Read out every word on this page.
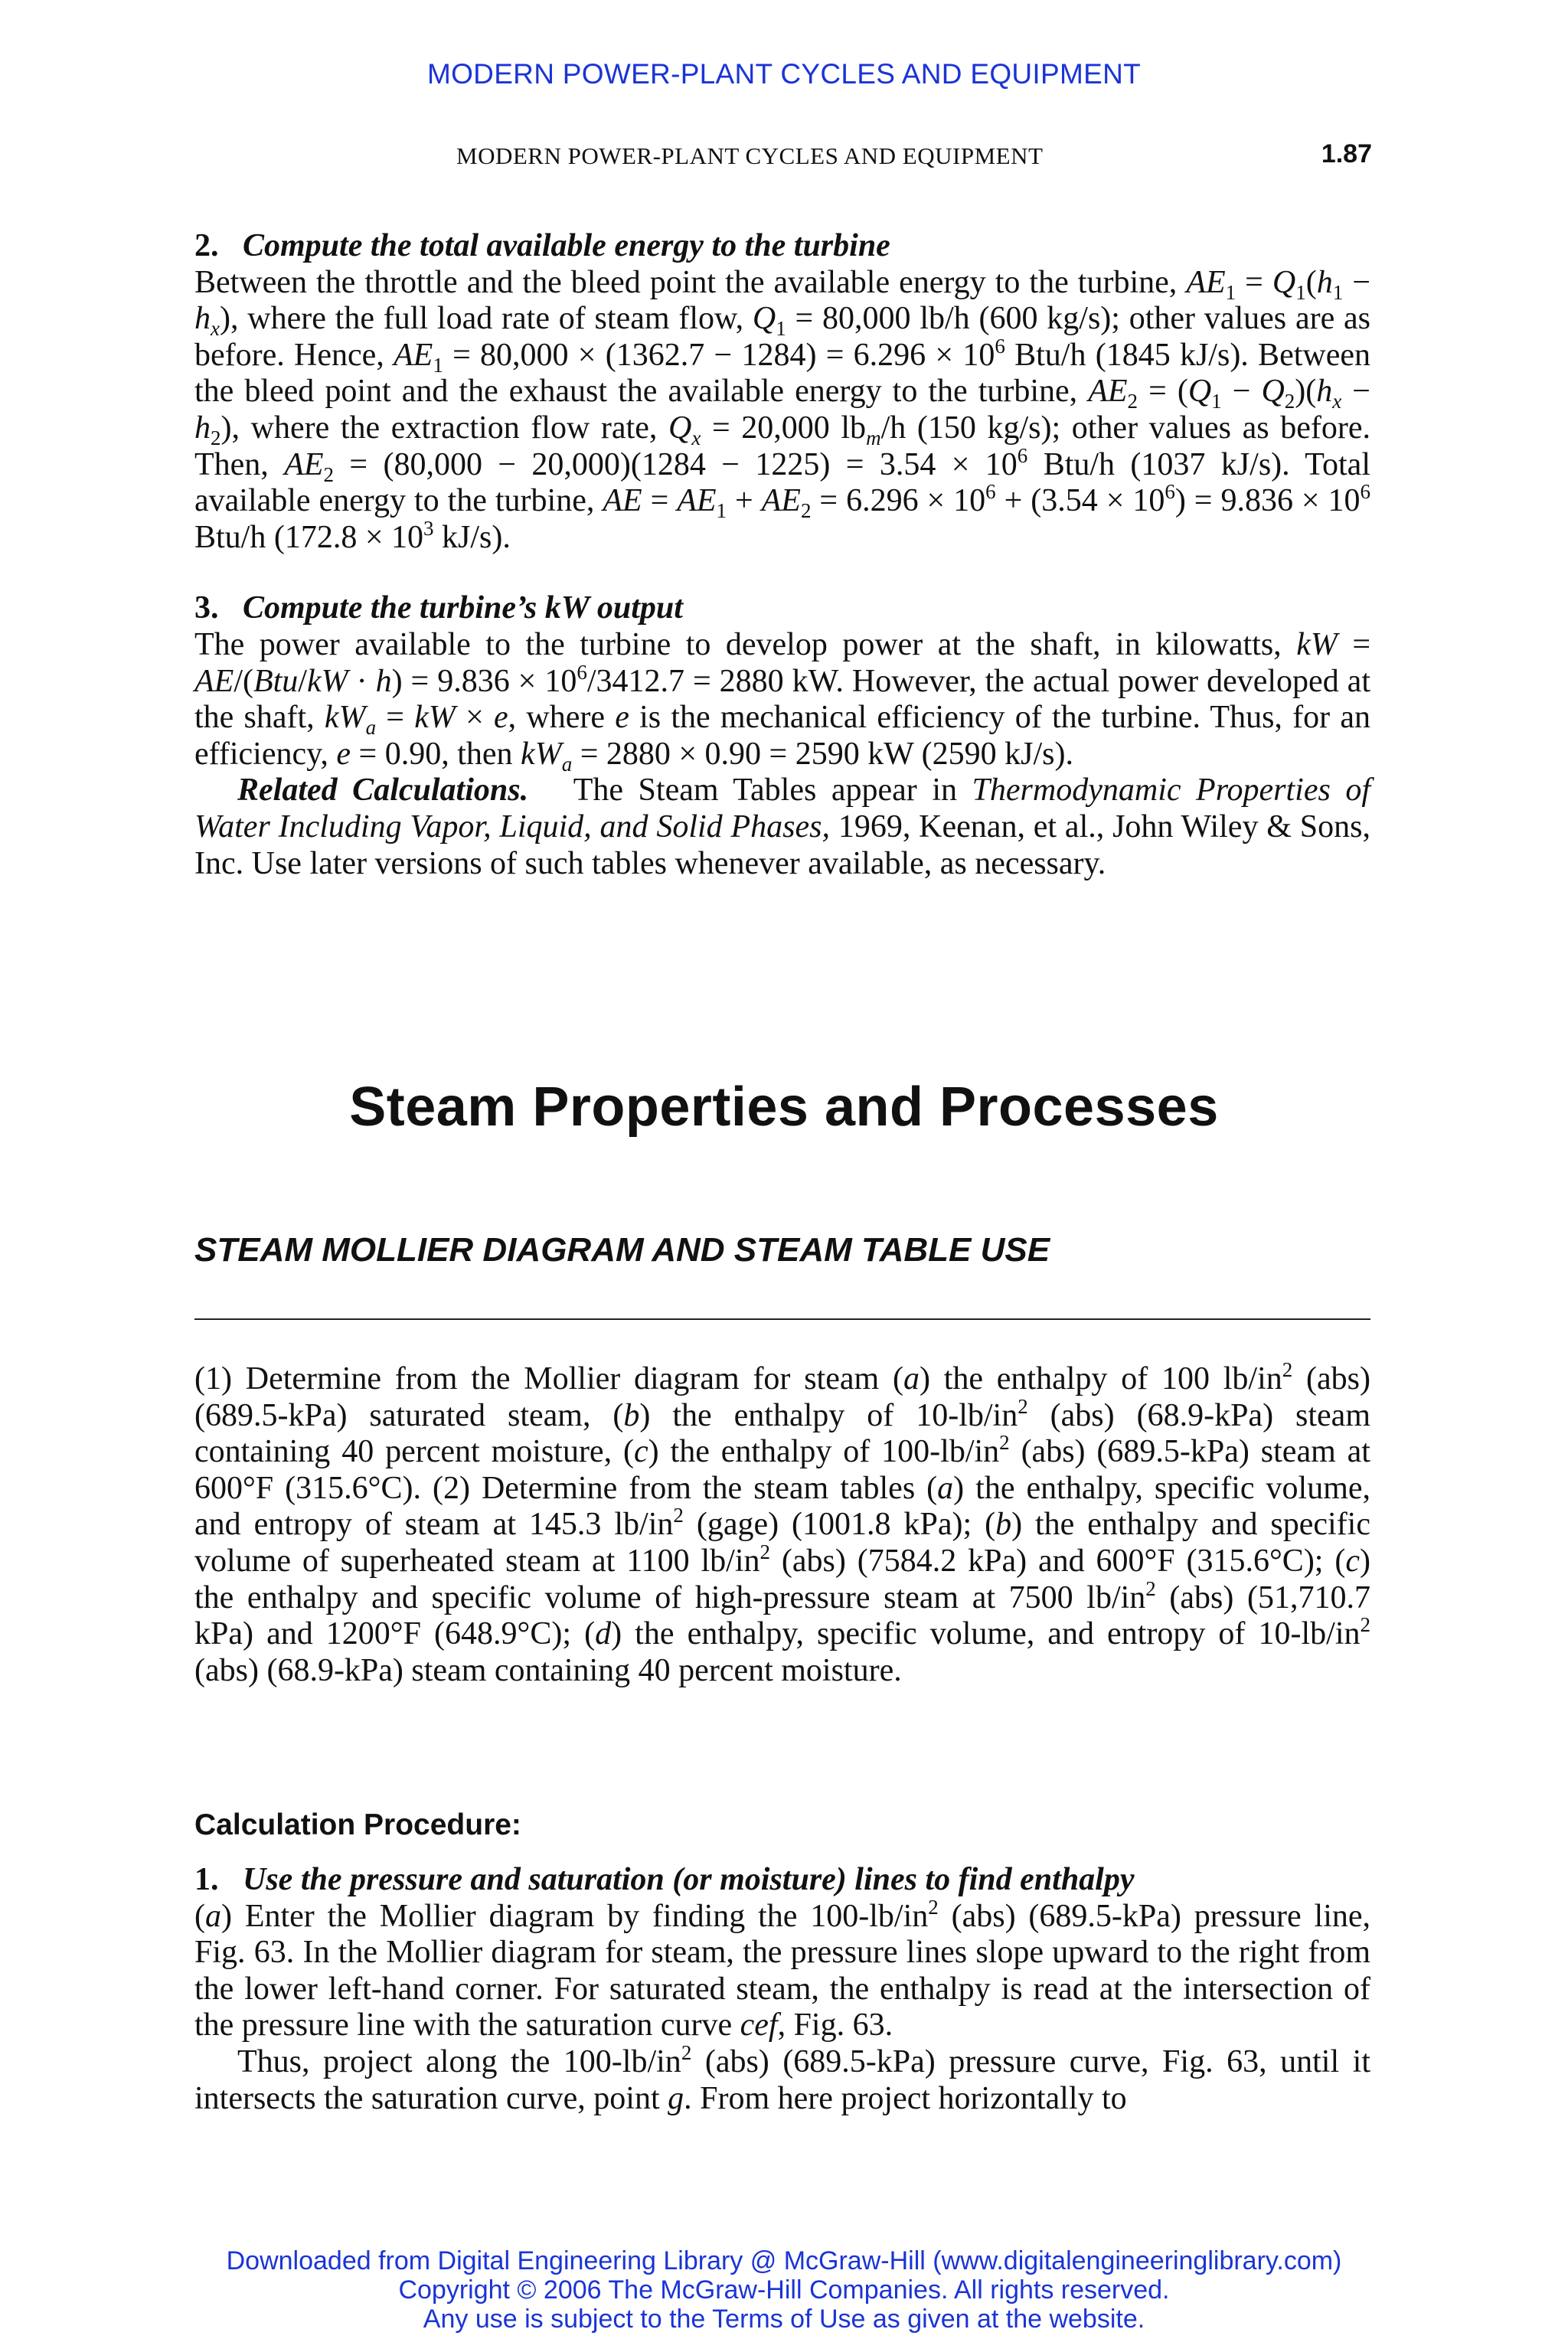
MODERN POWER-PLANT CYCLES AND EQUIPMENT
MODERN POWER-PLANT CYCLES AND EQUIPMENT	1.87

2. Compute the total available energy to the turbine

Between the throttle and the bleed point the available energy to the turbine, $AE_1 = Q_1(h_1 - h_x)$, where the full load rate of steam flow, $Q_1 = 80,000$ lb/h (600 kg/s); other values are as before. Hence, $AE_1 = 80,000 \times (1362.7 - 1284) = 6.296 \times 10^6$ Btu/h (1845 kJ/s). Between the bleed point and the exhaust the available energy to the turbine, $AE_2 = (Q_1 - Q_2)(h_x - h_2)$, where the extraction flow rate, $Q_x = 20,000$ $lb_m/h$ (150 kg/s); other values as before. Then, $AE_2 = (80,000 - 20,000)(1284 - 1225) = 3.54 \times 10^6$ Btu/h (1037 kJ/s). Total available energy to the turbine, AE = $AE_1 + AE_2 = 6.296 \times 10^6 + (3.54 \times 10^6) = 9.836 \times 10^6$ Btu/h ($172.8 \times 10^3$ kJ/s).

3. Compute the turbine’s kW output

The power available to the turbine to develop power at the shaft, in kilowatts, kW = $AE/(Btu/kW \cdot h) = 9.836 \times 10^6/3412.7 = 2880$ kW. However, the actual power developed at the shaft, $kW_a$ = kW × e, where e is the mechanical efficiency of the turbine. Thus, for an efficiency, e = 0.90, then $kW_a = 2880 \times 0.90 = 2590$ kW (2590 kJ/s).

Related Calculations. The Steam Tables appear in Thermodynamic Properties of Water Including Vapor, Liquid, and Solid Phases, 1969, Keenan, et al., John Wiley & Sons, Inc. Use later versions of such tables whenever available, as necessary.

Steam Properties and Processes
STEAM MOLLIER DIAGRAM AND STEAM TABLE USE

(1) Determine from the Mollier diagram for steam (a) the enthalpy of 100 $lb/in^2$ (abs) (689.5-kPa) saturated steam, (b) the enthalpy of $10-lb/in^2$ (abs) (68.9-kPa) steam containing 40 percent moisture, (c) the enthalpy of $100-lb/in^2$ (abs) (689.5-kPa) steam at 600°F (315.6°C). (2) Determine from the steam tables (a) the enthalpy, specific volume, and entropy of steam at 145.3 $lb/in^2$ (gage) (1001.8 kPa); (b) the enthalpy and specific volume of superheated steam at 1100 $lb/in^2$ (abs) (7584.2 kPa) and 600°F (315.6°C); (c) the enthalpy and specific volume of high-pressure steam at 7500 $lb/in^2$ (abs) (51,710.7 kPa) and 1200°F (648.9°C); (d) the enthalpy, specific volume, and entropy of $10-lb/in^2$ (abs) (68.9-kPa) steam containing 40 percent moisture.

Calculation Procedure:

1. Use the pressure and saturation (or moisture) lines to find enthalpy

(a) Enter the Mollier diagram by finding the $100-lb/in^2$ (abs) (689.5-kPa) pressure line, Fig. 63. In the Mollier diagram for steam, the pressure lines slope upward to the right from the lower left-hand corner. For saturated steam, the enthalpy is read at the intersection of the pressure line with the saturation curve cef, Fig. 63.

Thus, project along the $100-lb/in^2$ (abs) (689.5-kPa) pressure curve, Fig. 63, until it intersects the saturation curve, point g. From here project horizontally to

Downloaded from Digital Engineering Library @ McGraw-Hill (www.digitalengineeringlibrary.com)
Copyright © 2006 The McGraw-Hill Companies. All rights reserved.
Any use is subject to the Terms of Use as given at the website.
